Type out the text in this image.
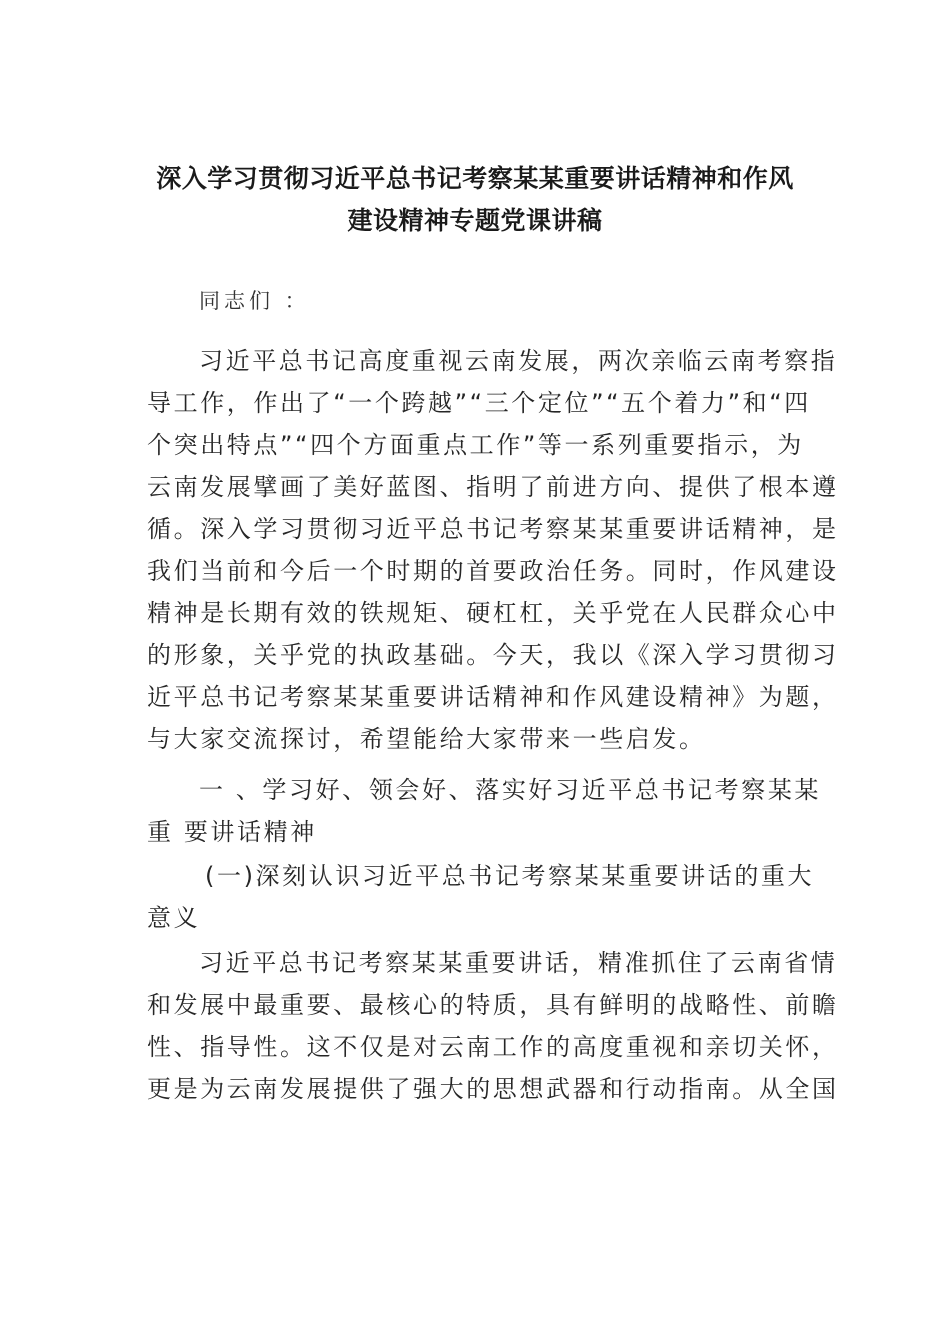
深入学习贯彻习近平总书记考察某某重要讲话精神和作风
建设精神专题党课讲稿

同志们 ：

习近平总书记高度重视云南发展，两次亲临云南考察指
导工作，作出了“一个跨越”“三个定位”“五个着力”和“四
个突出特点”“四个方面重点工作”等一系列重要指示，为
云南发展擘画了美好蓝图、指明了前进方向、提供了根本遵
循。深入学习贯彻习近平总书记考察某某重要讲话精神，是
我们当前和今后一个时期的首要政治任务。同时，作风建设
精神是长期有效的铁规矩、硬杠杠，关乎党在人民群众心中
的形象，关乎党的执政基础。今天，我以《深入学习贯彻习
近平总书记考察某某重要讲话精神和作风建设精神》为题，
与大家交流探讨，希望能给大家带来一些启发。
一 、学习好、领会好、落实好习近平总书记考察某某
重 要讲话精神
(一)深刻认识习近平总书记考察某某重要讲话的重大
意义
习近平总书记考察某某重要讲话，精准抓住了云南省情
和发展中最重要、最核心的特质，具有鲜明的战略性、前瞻
性、指导性。这不仅是对云南工作的高度重视和亲切关怀，
更是为云南发展提供了强大的思想武器和行动指南。从全国
